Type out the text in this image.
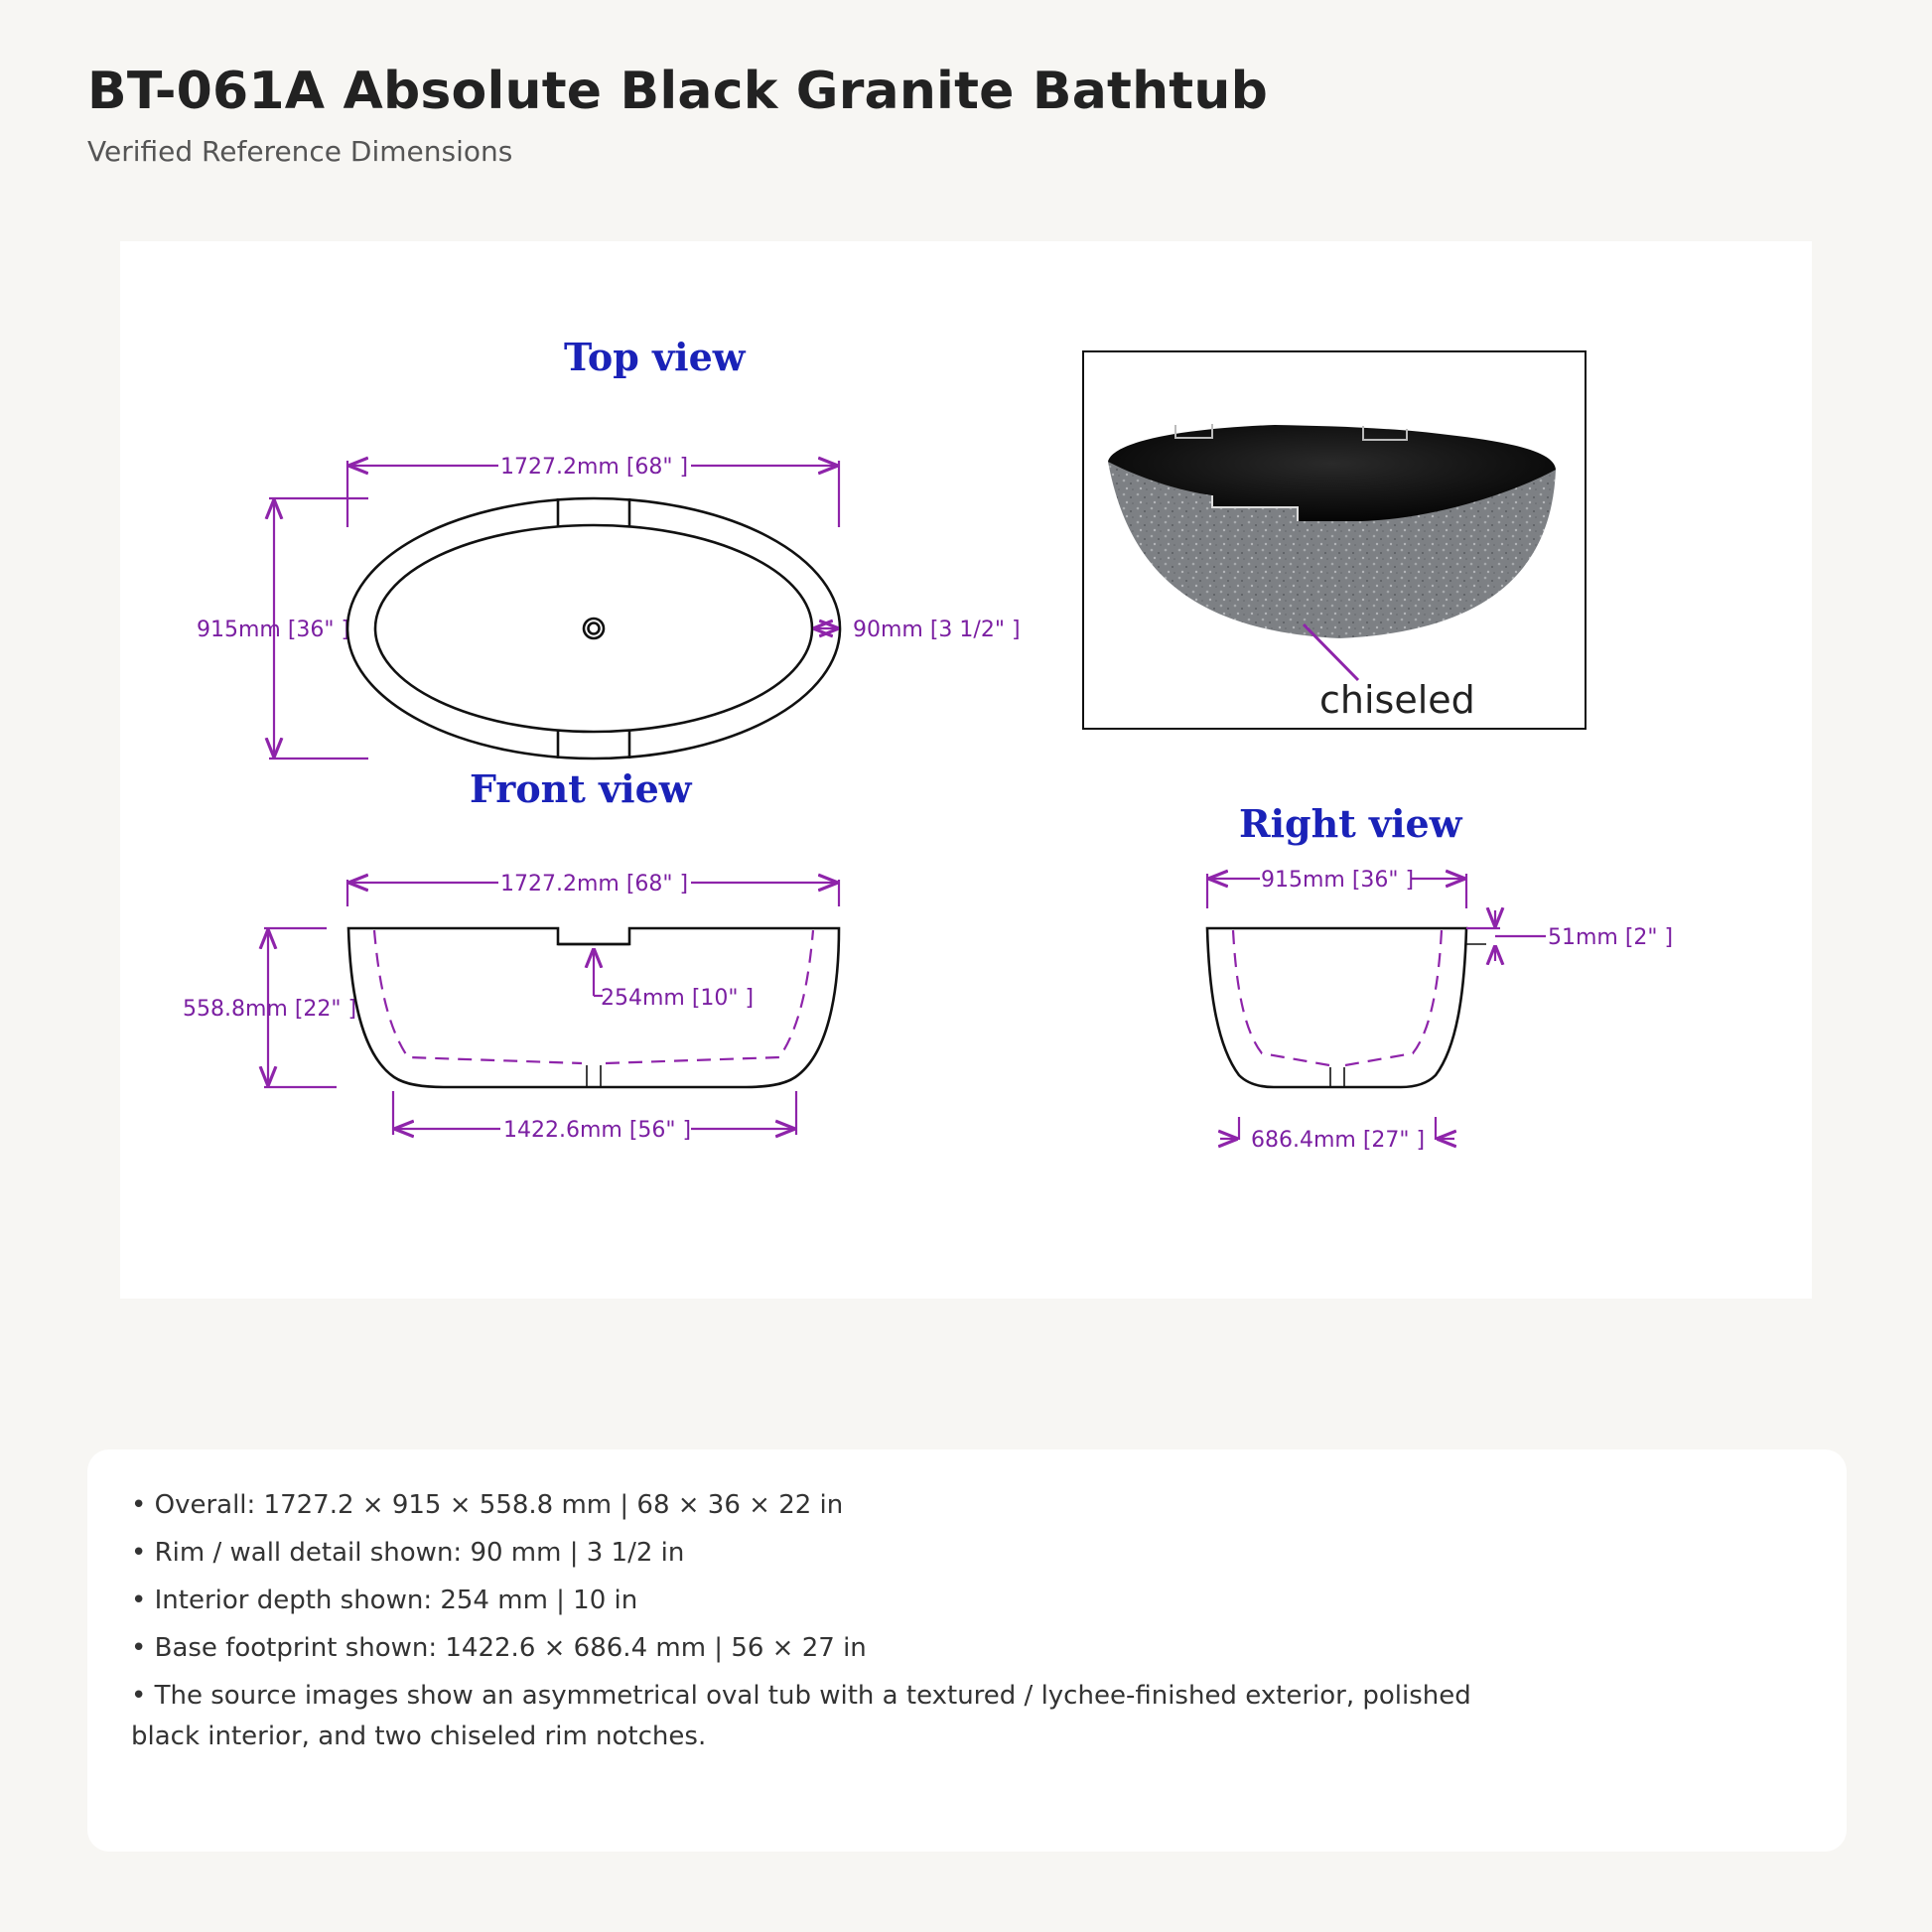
BT-061A Absolute Black Granite Bathtub

Verified Reference Dimensions

Top view
1727.2mm [68" ]
915mm [36" ]	90mm [3 1/2" ]
chiseled
Front view
1727.2mm [68" ]
558.8mm [22" ]	254mm [10" ]
1422.6mm [56" ]
Right view
915mm [36" ]
51mm [2" ]
686.4mm [27" ]
• Overall: 1727.2 × 915 × 558.8 mm | 68 × 36 × 22 in
• Rim / wall detail shown: 90 mm | 3 1/2 in
• Interior depth shown: 254 mm | 10 in
• Base footprint shown: 1422.6 × 686.4 mm | 56 × 27 in
• The source images show an asymmetrical oval tub with a textured / lychee-finished exterior, polished black interior, and two chiseled rim notches.
